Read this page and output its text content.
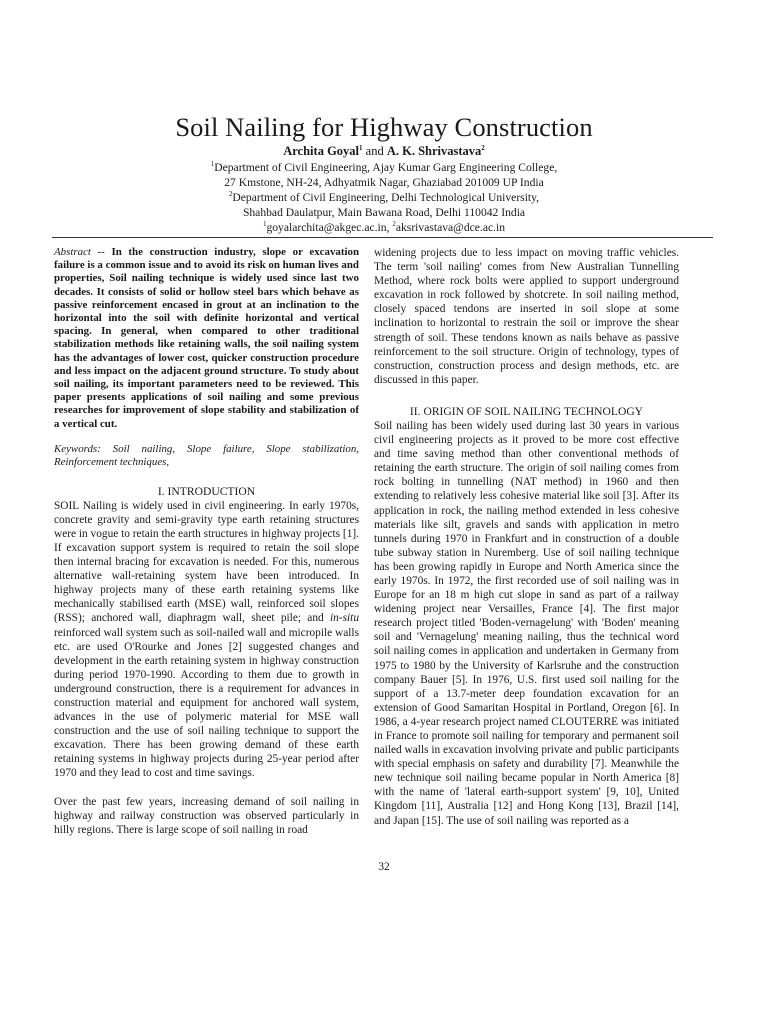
Soil Nailing for Highway Construction
Archita Goyal$^1$ and A. K. Shrivastava$^2$
$^1$Department of Civil Engineering, Ajay Kumar Garg Engineering College,
27 Kmstone, NH-24, Adhyatmik Nagar, Ghaziabad 201009 UP India
$^2$Department of Civil Engineering, Delhi Technological University,
Shahbad Daulatpur, Main Bawana Road, Delhi 110042 India
$^1$goyalarchita@akgec.ac.in, $^2$aksrivastava@dce.ac.in

Abstract -- In the construction industry, slope or excavation failure is a common issue and to avoid its risk on human lives and properties, Soil nailing technique is widely used since last two decades. It consists of solid or hollow steel bars which behave as passive reinforcement encased in grout at an inclination to the horizontal into the soil with definite horizontal and vertical spacing. In general, when compared to other traditional stabilization methods like retaining walls, the soil nailing system has the advantages of lower cost, quicker construction procedure and less impact on the adjacent ground structure. To study about soil nailing, its important parameters need to be reviewed. This paper presents applications of soil nailing and some previous researches for improvement of slope stability and stabilization of a vertical cut.

Keywords: Soil nailing, Slope failure, Slope stabilization, Reinforcement techniques,

I. INTRODUCTION

SOIL Nailing is widely used in civil engineering. In early 1970s, concrete gravity and semi-gravity type earth retaining structures were in vogue to retain the earth structures in highway projects [1]. If excavation support system is required to retain the soil slope then internal bracing for excavation is needed. For this, numerous alternative wall-retaining system have been introduced. In highway projects many of these earth retaining systems like mechanically stabilised earth (MSE) wall, reinforced soil slopes (RSS); anchored wall, diaphragm wall, sheet pile; and in-situ reinforced wall system such as soil-nailed wall and micropile walls etc. are used O'Rourke and Jones [2] suggested changes and development in the earth retaining system in highway construction during period 1970-1990. According to them due to growth in underground construction, there is a requirement for advances in construction material and equipment for anchored wall system, advances in the use of polymeric material for MSE wall construction and the use of soil nailing technique to support the excavation. There has been growing demand of these earth retaining systems in highway projects during 25-year period after 1970 and they lead to cost and time savings.

Over the past few years, increasing demand of soil nailing in highway and railway construction was observed particularly in hilly regions. There is large scope of soil nailing in road

widening projects due to less impact on moving traffic vehicles. The term 'soil nailing' comes from New Australian Tunnelling Method, where rock bolts were applied to support underground excavation in rock followed by shotcrete. In soil nailing method, closely spaced tendons are inserted in soil slope at some inclination to horizontal to restrain the soil or improve the shear strength of soil. These tendons known as nails behave as passive reinforcement to the soil structure. Origin of technology, types of construction, construction process and design methods, etc. are discussed in this paper.

II. ORIGIN OF SOIL NAILING TECHNOLOGY

Soil nailing has been widely used during last 30 years in various civil engineering projects as it proved to be more cost effective and time saving method than other conventional methods of retaining the earth structure. The origin of soil nailing comes from rock bolting in tunnelling (NAT method) in 1960 and then extending to relatively less cohesive material like soil [3]. After its application in rock, the nailing method extended in less cohesive materials like silt, gravels and sands with application in metro tunnels during 1970 in Frankfurt and in construction of a double tube subway station in Nuremberg. Use of soil nailing technique has been growing rapidly in Europe and North America since the early 1970s. In 1972, the first recorded use of soil nailing was in Europe for an 18 m high cut slope in sand as part of a railway widening project near Versailles, France [4]. The first major research project titled 'Boden-vernagelung' with 'Boden' meaning soil and 'Vernagelung' meaning nailing, thus the technical word soil nailing comes in application and undertaken in Germany from 1975 to 1980 by the University of Karlsruhe and the construction company Bauer [5]. In 1976, U.S. first used soil nailing for the support of a 13.7-meter deep foundation excavation for an extension of Good Samaritan Hospital in Portland, Oregon [6]. In 1986, a 4-year research project named CLOUTERRE was initiated in France to promote soil nailing for temporary and permanent soil nailed walls in excavation involving private and public participants with special emphasis on safety and durability [7]. Meanwhile the new technique soil nailing became popular in North America [8] with the name of 'lateral earth-support system' [9, 10], United Kingdom [11], Australia [12] and Hong Kong [13], Brazil [14], and Japan [15]. The use of soil nailing was reported as a

32
